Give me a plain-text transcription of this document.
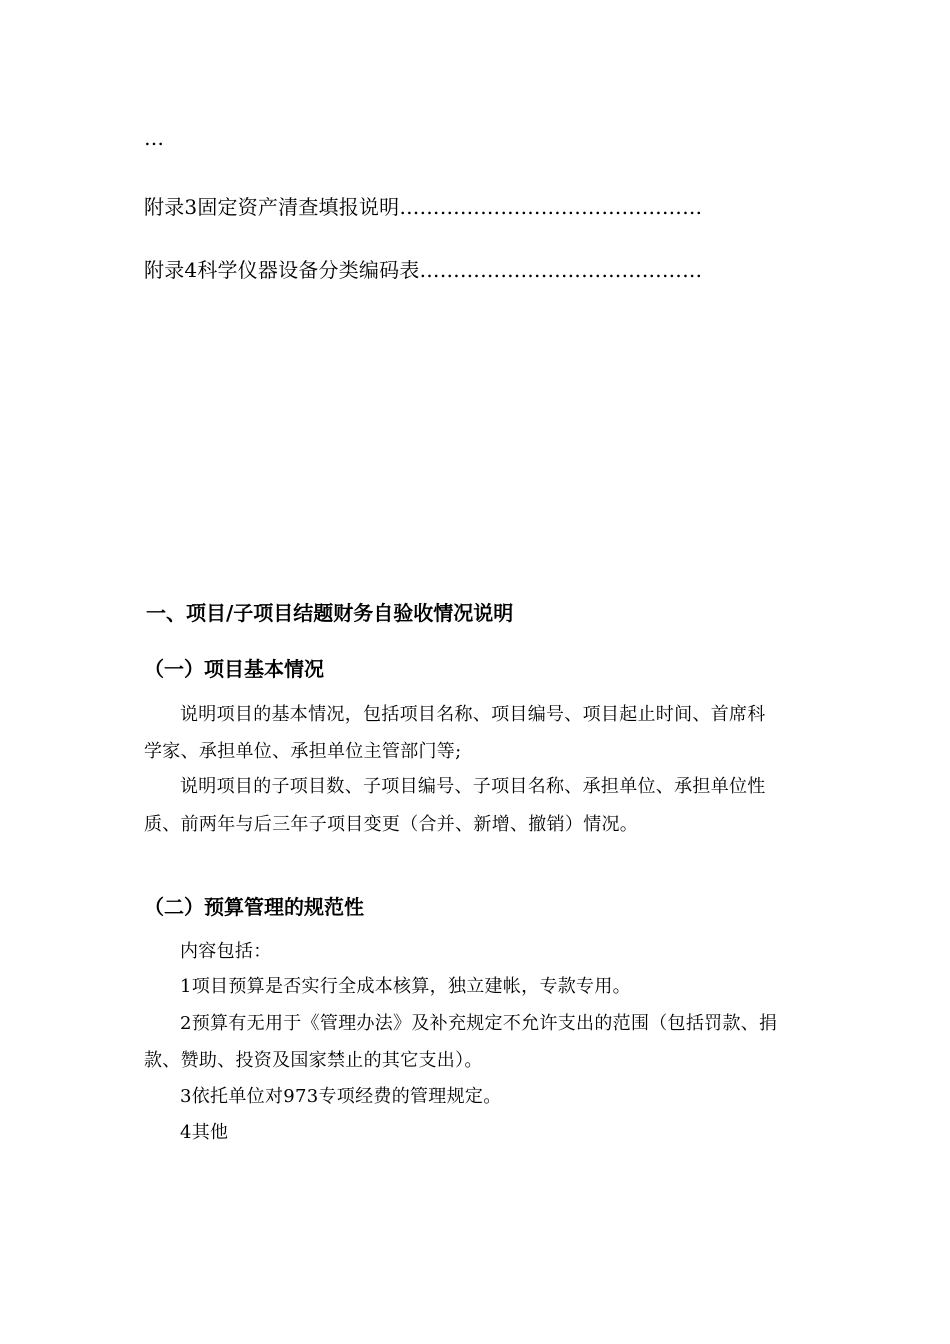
…
附录3固定资产清查填报说明………………………………………
附录4科学仪器设备分类编码表……………………………………
一、项目/子项目结题财务自验收情况说明
（一）项目基本情况
说明项目的基本情况，包括项目名称、项目编号、项目起止时间、首席科
学家、承担单位、承担单位主管部门等;
说明项目的子项目数、子项目编号、子项目名称、承担单位、承担单位性
质、前两年与后三年子项目变更（合并、新增、撤销）情况。
（二）预算管理的规范性
内容包括：
1项目预算是否实行全成本核算，独立建帐，专款专用。
2预算有无用于《管理办法》及补充规定不允许支出的范围（包括罚款、捐
款、赞助、投资及国家禁止的其它支出）。
3依托单位对973专项经费的管理规定。
4其他
